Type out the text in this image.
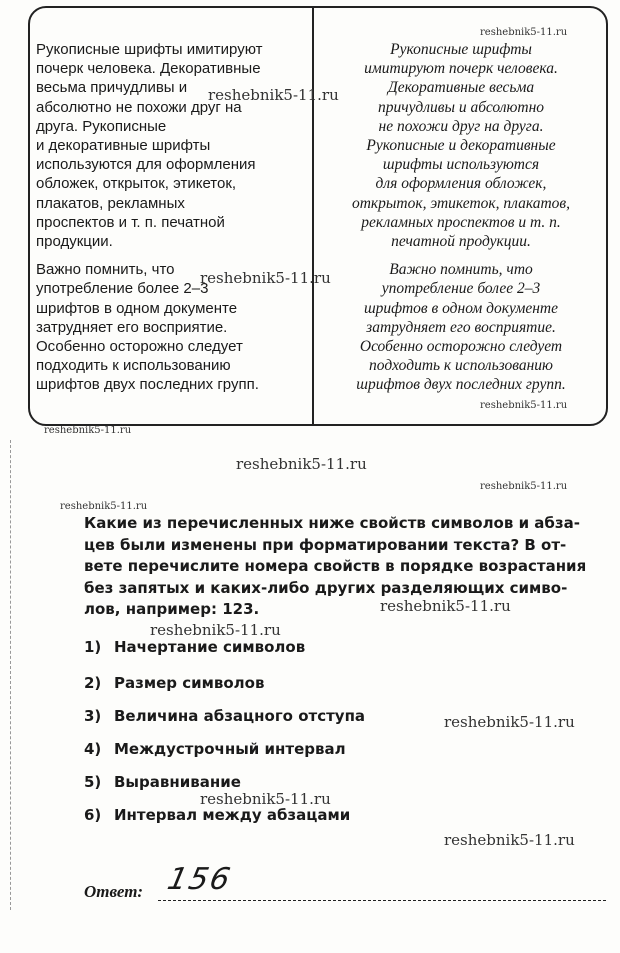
Рукописные шрифты имитируют
почерк человека. Декоративные
весьма причудливы и
абсолютно не похожи друг на
друга. Рукописные
и декоративные шрифты
используются для оформления
обложек, открыток, этикеток,
плакатов, рекламных
проспектов и т. п. печатной
продукции.
Важно помнить, что
употребление более 2–3
шрифтов в одном документе
затрудняет его восприятие.
Особенно осторожно следует
подходить к использованию
шрифтов двух последних групп.
Рукописные шрифты
имитируют почерк человека.
Декоративные весьма
причудливы и абсолютно
не похожи друг на друга.
Рукописные и декоративные
шрифты используются
для оформления обложек,
открыток, этикеток, плакатов,
рекламных проспектов и т. п.
печатной продукции.
Важно помнить, что
употребление более 2–3
шрифтов в одном документе
затрудняет его восприятие.
Особенно осторожно следует
подходить к использованию
шрифтов двух последних групп.
reshebnik5-11.ru
reshebnik5-11.ru
reshebnik5-11.ru
reshebnik5-11.ru
reshebnik5-11.ru
reshebnik5-11.ru
reshebnik5-11.ru
reshebnik5-11.ru
reshebnik5-11.ru
reshebnik5-11.ru
reshebnik5-11.ru
reshebnik5-11.ru
reshebnik5-11.ru
Какие из перечисленных ниже свойств символов и абза-
цев были изменены при форматировании текста? В от-
вете перечислите номера свойств в порядке возрастания
без запятых и каких-либо других разделяющих симво-
лов, например: 123.
1) Начертание символов
2) Размер символов
3) Величина абзацного отступа
4) Междустрочный интервал
5) Выравнивание
6) Интервал между абзацами
Ответ: 156
